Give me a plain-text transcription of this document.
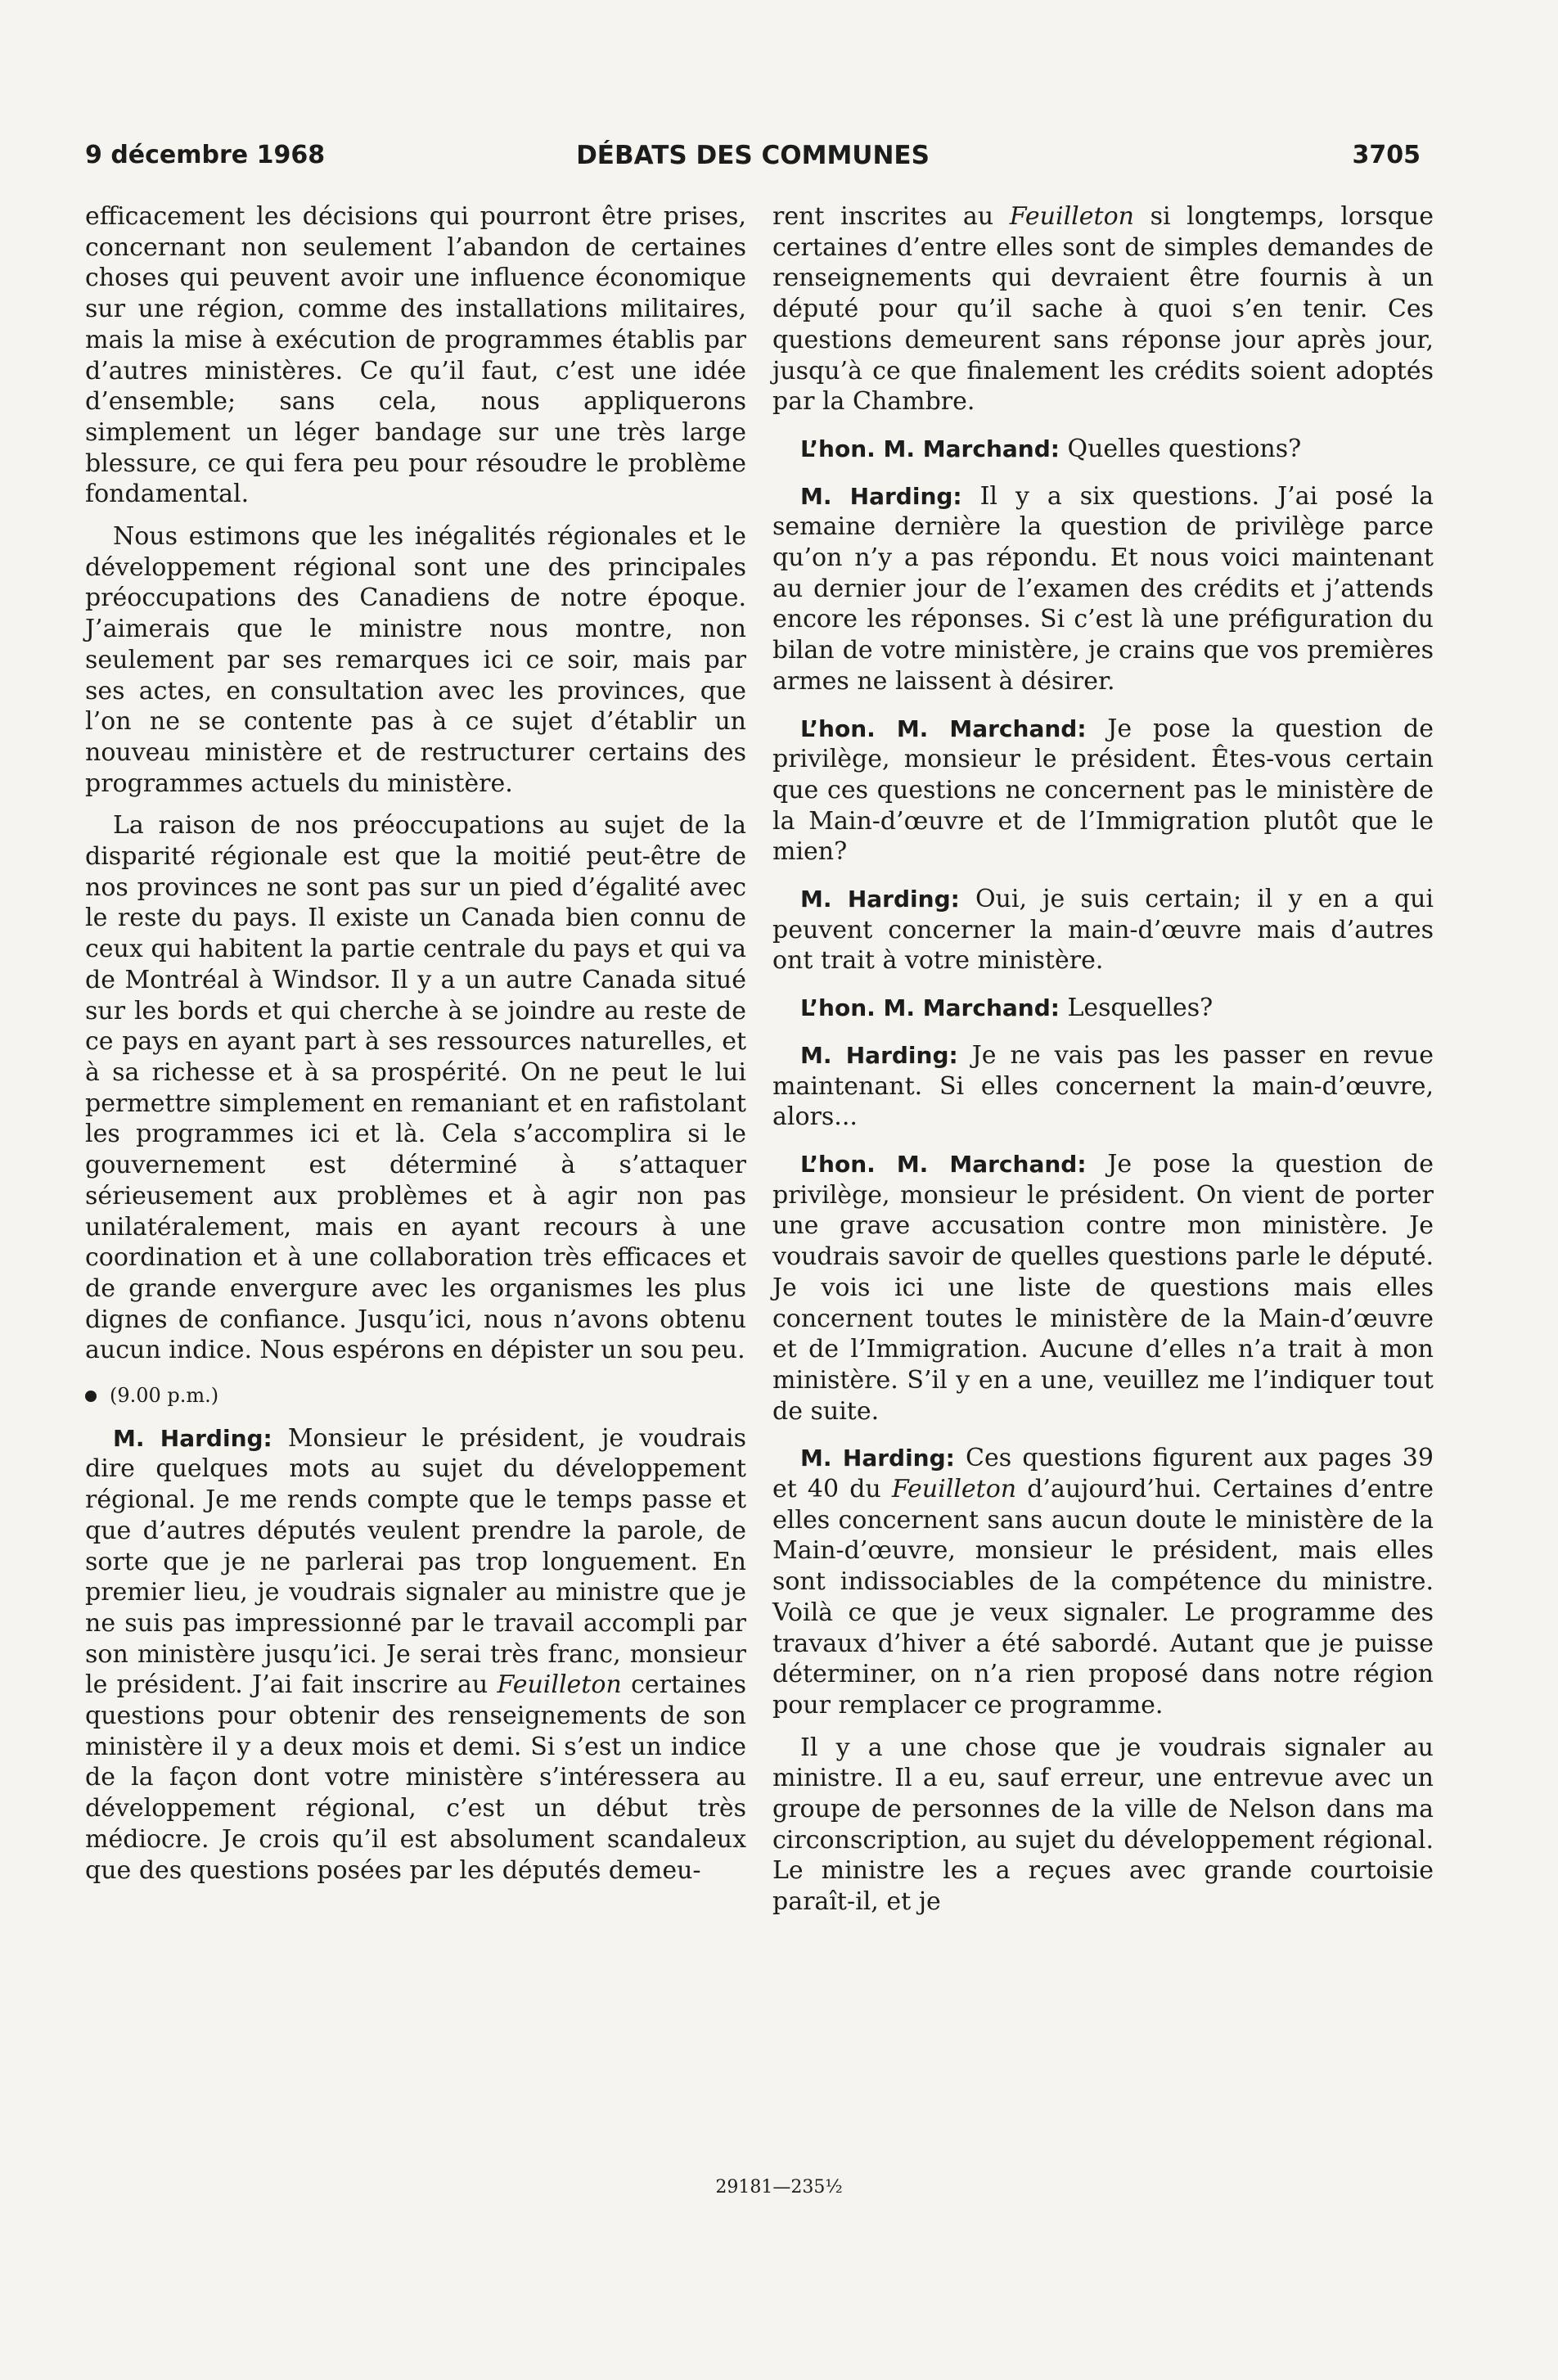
9 décembre 1968	DÉBATS DES COMMUNES	3705

efficacement les décisions qui pourront être prises, concernant non seulement l’abandon de certaines choses qui peuvent avoir une influence économique sur une région, comme des installations militaires, mais la mise à exécution de programmes établis par d’autres ministères. Ce qu’il faut, c’est une idée d’ensemble; sans cela, nous appliquerons simplement un léger bandage sur une très large blessure, ce qui fera peu pour résoudre le problème fondamental.

Nous estimons que les inégalités régionales et le développement régional sont une des principales préoccupations des Canadiens de notre époque. J’aimerais que le ministre nous montre, non seulement par ses remarques ici ce soir, mais par ses actes, en consultation avec les provinces, que l’on ne se contente pas à ce sujet d’établir un nouveau ministère et de restructurer certains des programmes actuels du ministère.

La raison de nos préoccupations au sujet de la disparité régionale est que la moitié peut-être de nos provinces ne sont pas sur un pied d’égalité avec le reste du pays. Il existe un Canada bien connu de ceux qui habitent la partie centrale du pays et qui va de Montréal à Windsor. Il y a un autre Canada situé sur les bords et qui cherche à se joindre au reste de ce pays en ayant part à ses ressources naturelles, et à sa richesse et à sa prospérité. On ne peut le lui permettre simplement en remaniant et en rafistolant les programmes ici et là. Cela s’accomplira si le gouvernement est déterminé à s’attaquer sérieusement aux problèmes et à agir non pas unilatéralement, mais en ayant recours à une coordination et à une collaboration très efficaces et de grande envergure avec les organismes les plus dignes de confiance. Jusqu’ici, nous n’avons obtenu aucun indice. Nous espérons en dépister un sou peu.

(9.00 p.m.)

M. Harding: Monsieur le président, je voudrais dire quelques mots au sujet du développement régional. Je me rends compte que le temps passe et que d’autres députés veulent prendre la parole, de sorte que je ne parlerai pas trop longuement. En premier lieu, je voudrais signaler au ministre que je ne suis pas impressionné par le travail accompli par son ministère jusqu’ici. Je serai très franc, monsieur le président. J’ai fait inscrire au Feuilleton certaines questions pour obtenir des renseignements de son ministère il y a deux mois et demi. Si s’est un indice de la façon dont votre ministère s’intéressera au développement régional, c’est un début très médiocre. Je crois qu’il est absolument scandaleux que des questions posées par les députés demeu-

rent inscrites au Feuilleton si longtemps, lorsque certaines d’entre elles sont de simples demandes de renseignements qui devraient être fournis à un député pour qu’il sache à quoi s’en tenir. Ces questions demeurent sans réponse jour après jour, jusqu’à ce que finalement les crédits soient adoptés par la Chambre.

L’hon. M. Marchand: Quelles questions?

M. Harding: Il y a six questions. J’ai posé la semaine dernière la question de privilège parce qu’on n’y a pas répondu. Et nous voici maintenant au dernier jour de l’examen des crédits et j’attends encore les réponses. Si c’est là une préfiguration du bilan de votre ministère, je crains que vos premières armes ne laissent à désirer.

L’hon. M. Marchand: Je pose la question de privilège, monsieur le président. Êtes-vous certain que ces questions ne concernent pas le ministère de la Main-d’œuvre et de l’Immigration plutôt que le mien?

M. Harding: Oui, je suis certain; il y en a qui peuvent concerner la main-d’œuvre mais d’autres ont trait à votre ministère.

L’hon. M. Marchand: Lesquelles?

M. Harding: Je ne vais pas les passer en revue maintenant. Si elles concernent la main-d’œuvre, alors...

L’hon. M. Marchand: Je pose la question de privilège, monsieur le président. On vient de porter une grave accusation contre mon ministère. Je voudrais savoir de quelles questions parle le député. Je vois ici une liste de questions mais elles concernent toutes le ministère de la Main-d’œuvre et de l’Immigration. Aucune d’elles n’a trait à mon ministère. S’il y en a une, veuillez me l’indiquer tout de suite.

M. Harding: Ces questions figurent aux pages 39 et 40 du Feuilleton d’aujourd’hui. Certaines d’entre elles concernent sans aucun doute le ministère de la Main-d’œuvre, monsieur le président, mais elles sont indissociables de la compétence du ministre. Voilà ce que je veux signaler. Le programme des travaux d’hiver a été sabordé. Autant que je puisse déterminer, on n’a rien proposé dans notre région pour remplacer ce programme.

Il y a une chose que je voudrais signaler au ministre. Il a eu, sauf erreur, une entrevue avec un groupe de personnes de la ville de Nelson dans ma circonscription, au sujet du développement régional. Le ministre les a reçues avec grande courtoisie paraît-il, et je

29181—235½
